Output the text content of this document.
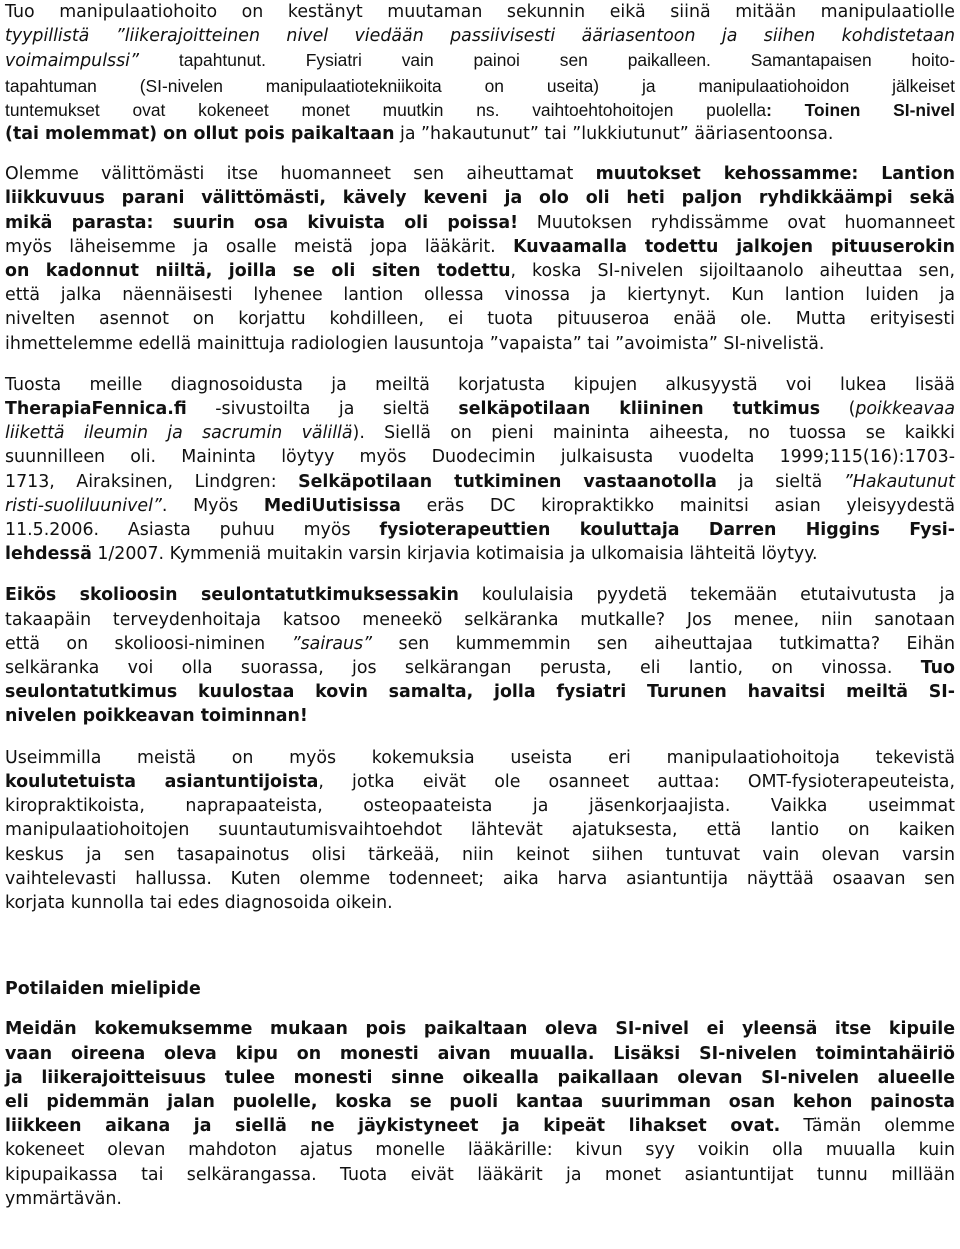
Tuo manipulaatiohoito on kestänyt muutaman sekunnin eikä siinä mitään manipulaatiolle
tyypillistä ”liikerajoitteinen nivel viedään passiivisesti ääriasentoon ja siihen kohdistetaan
voimaimpulssi” tapahtunut. Fysiatri vain painoi sen paikalleen. Samantapaisen hoito-
tapahtuman (SI-nivelen manipulaatiotekniikoita on useita) ja manipulaatiohoidon jälkeiset
tuntemukset ovat kokeneet monet muutkin ns. vaihtoehtohoitojen puolella: Toinen SI-nivel
(tai molemmat) on ollut pois paikaltaan ja ”hakautunut” tai ”lukkiutunut” ääriasentoonsa.

Olemme välittömästi itse huomanneet sen aiheuttamat muutokset kehossamme: Lantion
liikkuvuus parani välittömästi, kävely keveni ja olo oli heti paljon ryhdikkäämpi sekä
mikä parasta: suurin osa kivuista oli poissa! Muutoksen ryhdissämme ovat huomanneet
myös läheisemme ja osalle meistä jopa lääkärit. Kuvaamalla todettu jalkojen pituuserokin
on kadonnut niiltä, joilla se oli siten todettu, koska SI-nivelen sijoiltaanolo aiheuttaa sen,
että jalka näennäisesti lyhenee lantion ollessa vinossa ja kiertynyt. Kun lantion luiden ja
nivelten asennot on korjattu kohdilleen, ei tuota pituuseroa enää ole. Mutta erityisesti
ihmettelemme edellä mainittuja radiologien lausuntoja ”vapaista” tai ”avoimista” SI-nivelistä.

Tuosta meille diagnosoidusta ja meiltä korjatusta kipujen alkusyystä voi lukea lisää
TherapiaFennica.fi -sivustoilta ja sieltä selkäpotilaan kliininen tutkimus (poikkeavaa
liikettä ileumin ja sacrumin välillä). Siellä on pieni maininta aiheesta, no tuossa se kaikki
suunnilleen oli. Maininta löytyy myös Duodecimin julkaisusta vuodelta 1999;115(16):1703-
1713, Airaksinen, Lindgren: Selkäpotilaan tutkiminen vastaanotolla ja sieltä ”Hakautunut
risti-suoliluunivel”. Myös MediUutisissa eräs DC kiropraktikko mainitsi asian yleisyydestä
11.5.2006. Asiasta puhuu myös fysioterapeuttien kouluttaja Darren Higgins Fysi-
lehdessä 1/2007. Kymmeniä muitakin varsin kirjavia kotimaisia ja ulkomaisia lähteitä löytyy.

Eikös skolioosin seulontatutkimuksessakin koululaisia pyydetä tekemään etutaivutusta ja
takaapäin terveydenhoitaja katsoo meneekö selkäranka mutkalle? Jos menee, niin sanotaan
että on skolioosi-niminen ”sairaus” sen kummemmin sen aiheuttajaa tutkimatta? Eihän
selkäranka voi olla suorassa, jos selkärangan perusta, eli lantio, on vinossa. Tuo
seulontatutkimus kuulostaa kovin samalta, jolla fysiatri Turunen havaitsi meiltä SI-
nivelen poikkeavan toiminnan!

Useimmilla meistä on myös kokemuksia useista eri manipulaatiohoitoja tekevistä
koulutetuista asiantuntijoista, jotka eivät ole osanneet auttaa: OMT-fysioterapeuteista,
kiropraktikoista, naprapaateista, osteopaateista ja jäsenkorjaajista. Vaikka useimmat
manipulaatiohoitojen suuntautumisvaihtoehdot lähtevät ajatuksesta, että lantio on kaiken
keskus ja sen tasapainotus olisi tärkeää, niin keinot siihen tuntuvat vain olevan varsin
vaihtelevasti hallussa. Kuten olemme todenneet; aika harva asiantuntija näyttää osaavan sen
korjata kunnolla tai edes diagnosoida oikein.

Potilaiden mielipide

Meidän kokemuksemme mukaan pois paikaltaan oleva SI-nivel ei yleensä itse kipuile
vaan oireena oleva kipu on monesti aivan muualla. Lisäksi SI-nivelen toimintahäiriö
ja liikerajoitteisuus tulee monesti sinne oikealla paikallaan olevan SI-nivelen alueelle
eli pidemmän jalan puolelle, koska se puoli kantaa suurimman osan kehon painosta
liikkeen aikana ja siellä ne jäykistyneet ja kipeät lihakset ovat. Tämän olemme
kokeneet olevan mahdoton ajatus monelle lääkärille: kivun syy voikin olla muualla kuin
kipupaikassa tai selkärangassa. Tuota eivät lääkärit ja monet asiantuntijat tunnu millään
ymmärtävän.
